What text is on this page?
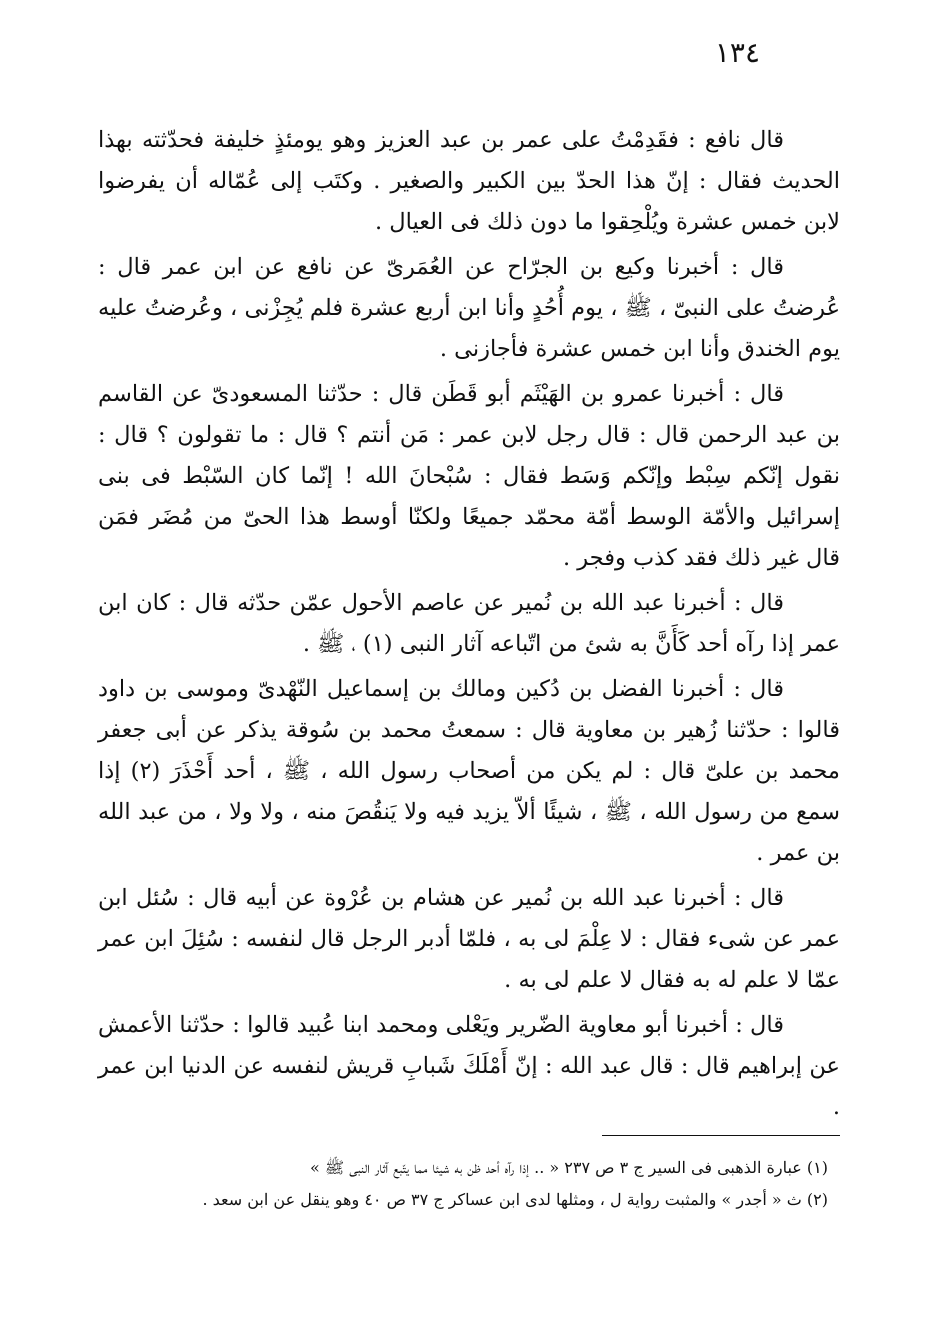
١٣٤

قال نافع : فقَدِمْتُ على عمر بن عبد العزيز وهو يومئذٍ خليفة فحدّثته بهذا الحديث فقال : إنّ هذا الحدّ بين الكبير والصغير . وكتَب إلى عُمّاله أن يفرضوا لابن خمس عشرة ويُلْحِقوا ما دون ذلك فى العيال .

قال : أخبرنا وكيع بن الجرّاح عن العُمَرىّ عن نافع عن ابن عمر قال : عُرضتُ على النبىّ ، ﷺ ، يوم أُحُدٍ وأنا ابن أربع عشرة فلم يُجِزْنى ، وعُرضتُ عليه يوم الخندق وأنا ابن خمس عشرة فأجازنى .

قال : أخبرنا عمرو بن الهَيْثَم أبو قَطَن قال : حدّثنا المسعودىّ عن القاسم بن عبد الرحمن قال : قال رجل لابن عمر : مَن أنتم ؟ قال : ما تقولون ؟ قال : نقول إنّكم سِبْط وإنّكم وَسَط فقال : سُبْحانَ الله ! إنّما كان السّبْط فى بنى إسرائيل والأمّة الوسط أمّة محمّد جميعًا ولكنّا أوسط هذا الحىّ من مُضَر فمَن قال غير ذلك فقد كذب وفجر .

قال : أخبرنا عبد الله بن نُمير عن عاصم الأحول عمّن حدّثه قال : كان ابن عمر إذا رآه أحد كَأَنَّ به شئ من اتّباعه آثار النبى (١) ، ﷺ .

قال : أخبرنا الفضل بن دُكين ومالك بن إسماعيل النّهْدىّ وموسى بن داود قالوا : حدّثنا زُهير بن معاوية قال : سمعتُ محمد بن سُوقة يذكر عن أبى جعفر محمد بن علىّ قال : لم يكن من أصحاب رسول الله ، ﷺ ، أحد أَحْذَرَ (٢) إذا سمع من رسول الله ، ﷺ ، شيئًا ألاّ يزيد فيه ولا يَنقُصَ منه ، ولا ولا ، من عبد الله بن عمر .

قال : أخبرنا عبد الله بن نُمير عن هشام بن عُرْوة عن أبيه قال : سُئل ابن عمر عن شىء فقال : لا عِلْمَ لى به ، فلمّا أدبر الرجل قال لنفسه : سُئِلَ ابن عمر عمّا لا علم له به فقال لا علم لى به .

قال : أخبرنا أبو معاوية الضّرير ويَعْلى ومحمد ابنا عُبيد قالوا : حدّثنا الأعمش عن إبراهيم قال : قال عبد الله : إنّ أَمْلَكَ شَبابِ قريش لنفسه عن الدنيا ابن عمر .

(١) عبارة الذهبى فى السير ج ٣ ص ٢٣٧ « .. إذا رآه أحد ظن به شيئا مما يتّبع آثار النبى ﷺ »

(٢) ث « أجدر » والمثبت رواية ل ، ومثلها لدى ابن عساكر ج ٣٧ ص ٤٠ وهو ينقل عن ابن سعد .
